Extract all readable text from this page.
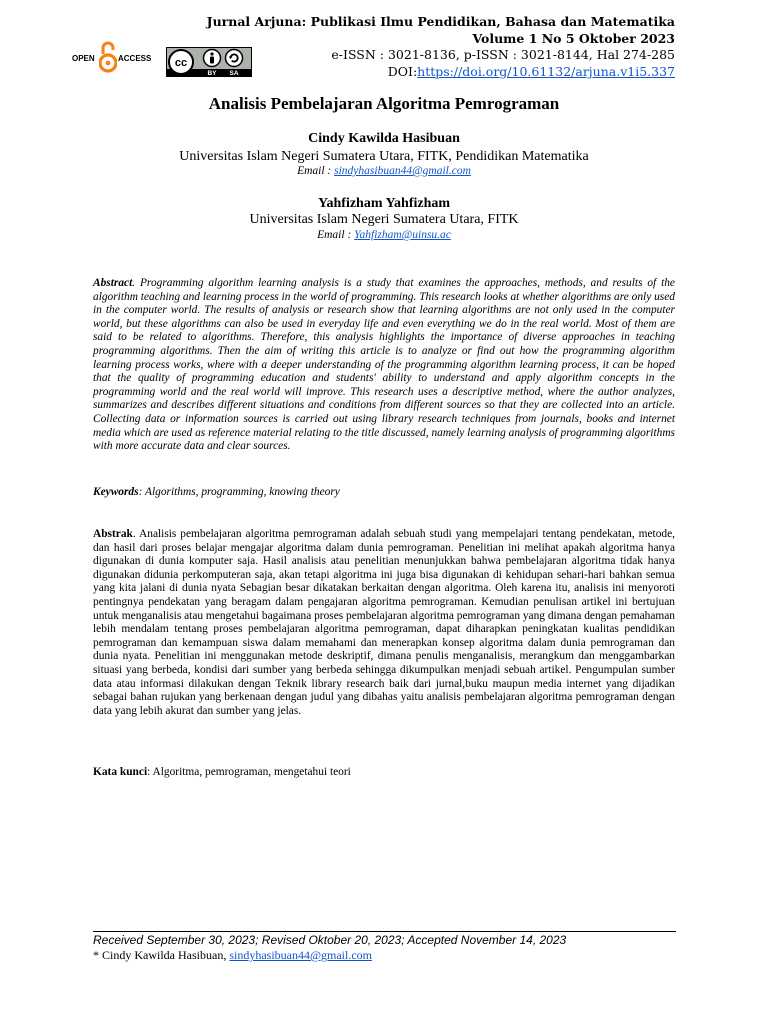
Jurnal Arjuna: Publikasi Ilmu Pendidikan, Bahasa dan Matematika
Volume 1 No 5 Oktober 2023
e-ISSN : 3021-8136, p-ISSN : 3021-8144, Hal 274-285
DOI:https://doi.org/10.61132/arjuna.v1i5.337
OPEN	ACCESS cc
BY SA
Analisis Pembelajaran Algoritma Pemrograman
Cindy Kawilda Hasibuan
Universitas Islam Negeri Sumatera Utara, FITK, Pendidikan Matematika
Email : sindyhasibuan44@gmail.com
Yahfizham Yahfizham
Universitas Islam Negeri Sumatera Utara, FITK
Email : Yahfizham@uinsu.ac
Abstract. Programming algorithm learning analysis is a study that examines the approaches, methods, and results of the algorithm teaching and learning process in the world of programming. This research looks at whether algorithms are only used in the computer world. The results of analysis or research show that learning algorithms are not only used in the computer world, but these algorithms can also be used in everyday life and even everything we do in the real world. Most of them are said to be related to algorithms. Therefore, this analysis highlights the importance of diverse approaches in teaching programming algorithms. Then the aim of writing this article is to analyze or find out how the programming algorithm learning process works, where with a deeper understanding of the programming algorithm learning process, it can be hoped that the quality of programming education and students' ability to understand and apply algorithm concepts in the programming world and the real world will improve. This research uses a descriptive method, where the author analyzes, summarizes and describes different situations and conditions from different sources so that they are collected into an article. Collecting data or information sources is carried out using library research techniques from journals, books and internet media which are used as reference material relating to the title discussed, namely learning analysis of programming algorithms with more accurate data and clear sources.
Keywords: Algorithms, programming, knowing theory
Abstrak. Analisis pembelajaran algoritma pemrograman adalah sebuah studi yang mempelajari tentang pendekatan, metode, dan hasil dari proses belajar mengajar algoritma dalam dunia pemrograman. Penelitian ini melihat apakah algoritma hanya digunakan di dunia komputer saja. Hasil analisis atau penelitian menunjukkan bahwa pembelajaran algoritma tidak hanya digunakan didunia perkomputeran saja, akan tetapi algoritma ini juga bisa digunakan di kehidupan sehari-hari bahkan semua yang kita jalani di dunia nyata Sebagian besar dikatakan berkaitan dengan algoritma. Oleh karena itu, analisis ini menyoroti pentingnya pendekatan yang beragam dalam pengajaran algoritma pemrograman. Kemudian penulisan artikel ini bertujuan untuk menganalisis atau mengetahui bagaimana proses pembelajaran algoritma pemrograman yang dimana dengan pemahaman lebih mendalam tentang proses pembelajaran algoritma pemrograman, dapat diharapkan peningkatan kualitas pendidikan pemrograman dan kemampuan siswa dalam memahami dan menerapkan konsep algoritma dalam dunia pemrograman dan dunia nyata. Penelitian ini menggunakan metode deskriptif, dimana penulis menganalisis, merangkum dan menggambarkan situasi yang berbeda, kondisi dari sumber yang berbeda sehingga dikumpulkan menjadi sebuah artikel. Pengumpulan sumber data atau informasi dilakukan dengan Teknik library research baik dari jurnal,buku maupun media internet yang dijadikan sebagai bahan rujukan yang berkenaan dengan judul yang dibahas yaitu analisis pembelajaran algoritma pemrograman dengan data yang lebih akurat dan sumber yang jelas.
Kata kunci: Algoritma, pemrograman, mengetahui teori
Received September 30, 2023; Revised Oktober 20, 2023; Accepted November 14, 2023
* Cindy Kawilda Hasibuan, sindyhasibuan44@gmail.com
